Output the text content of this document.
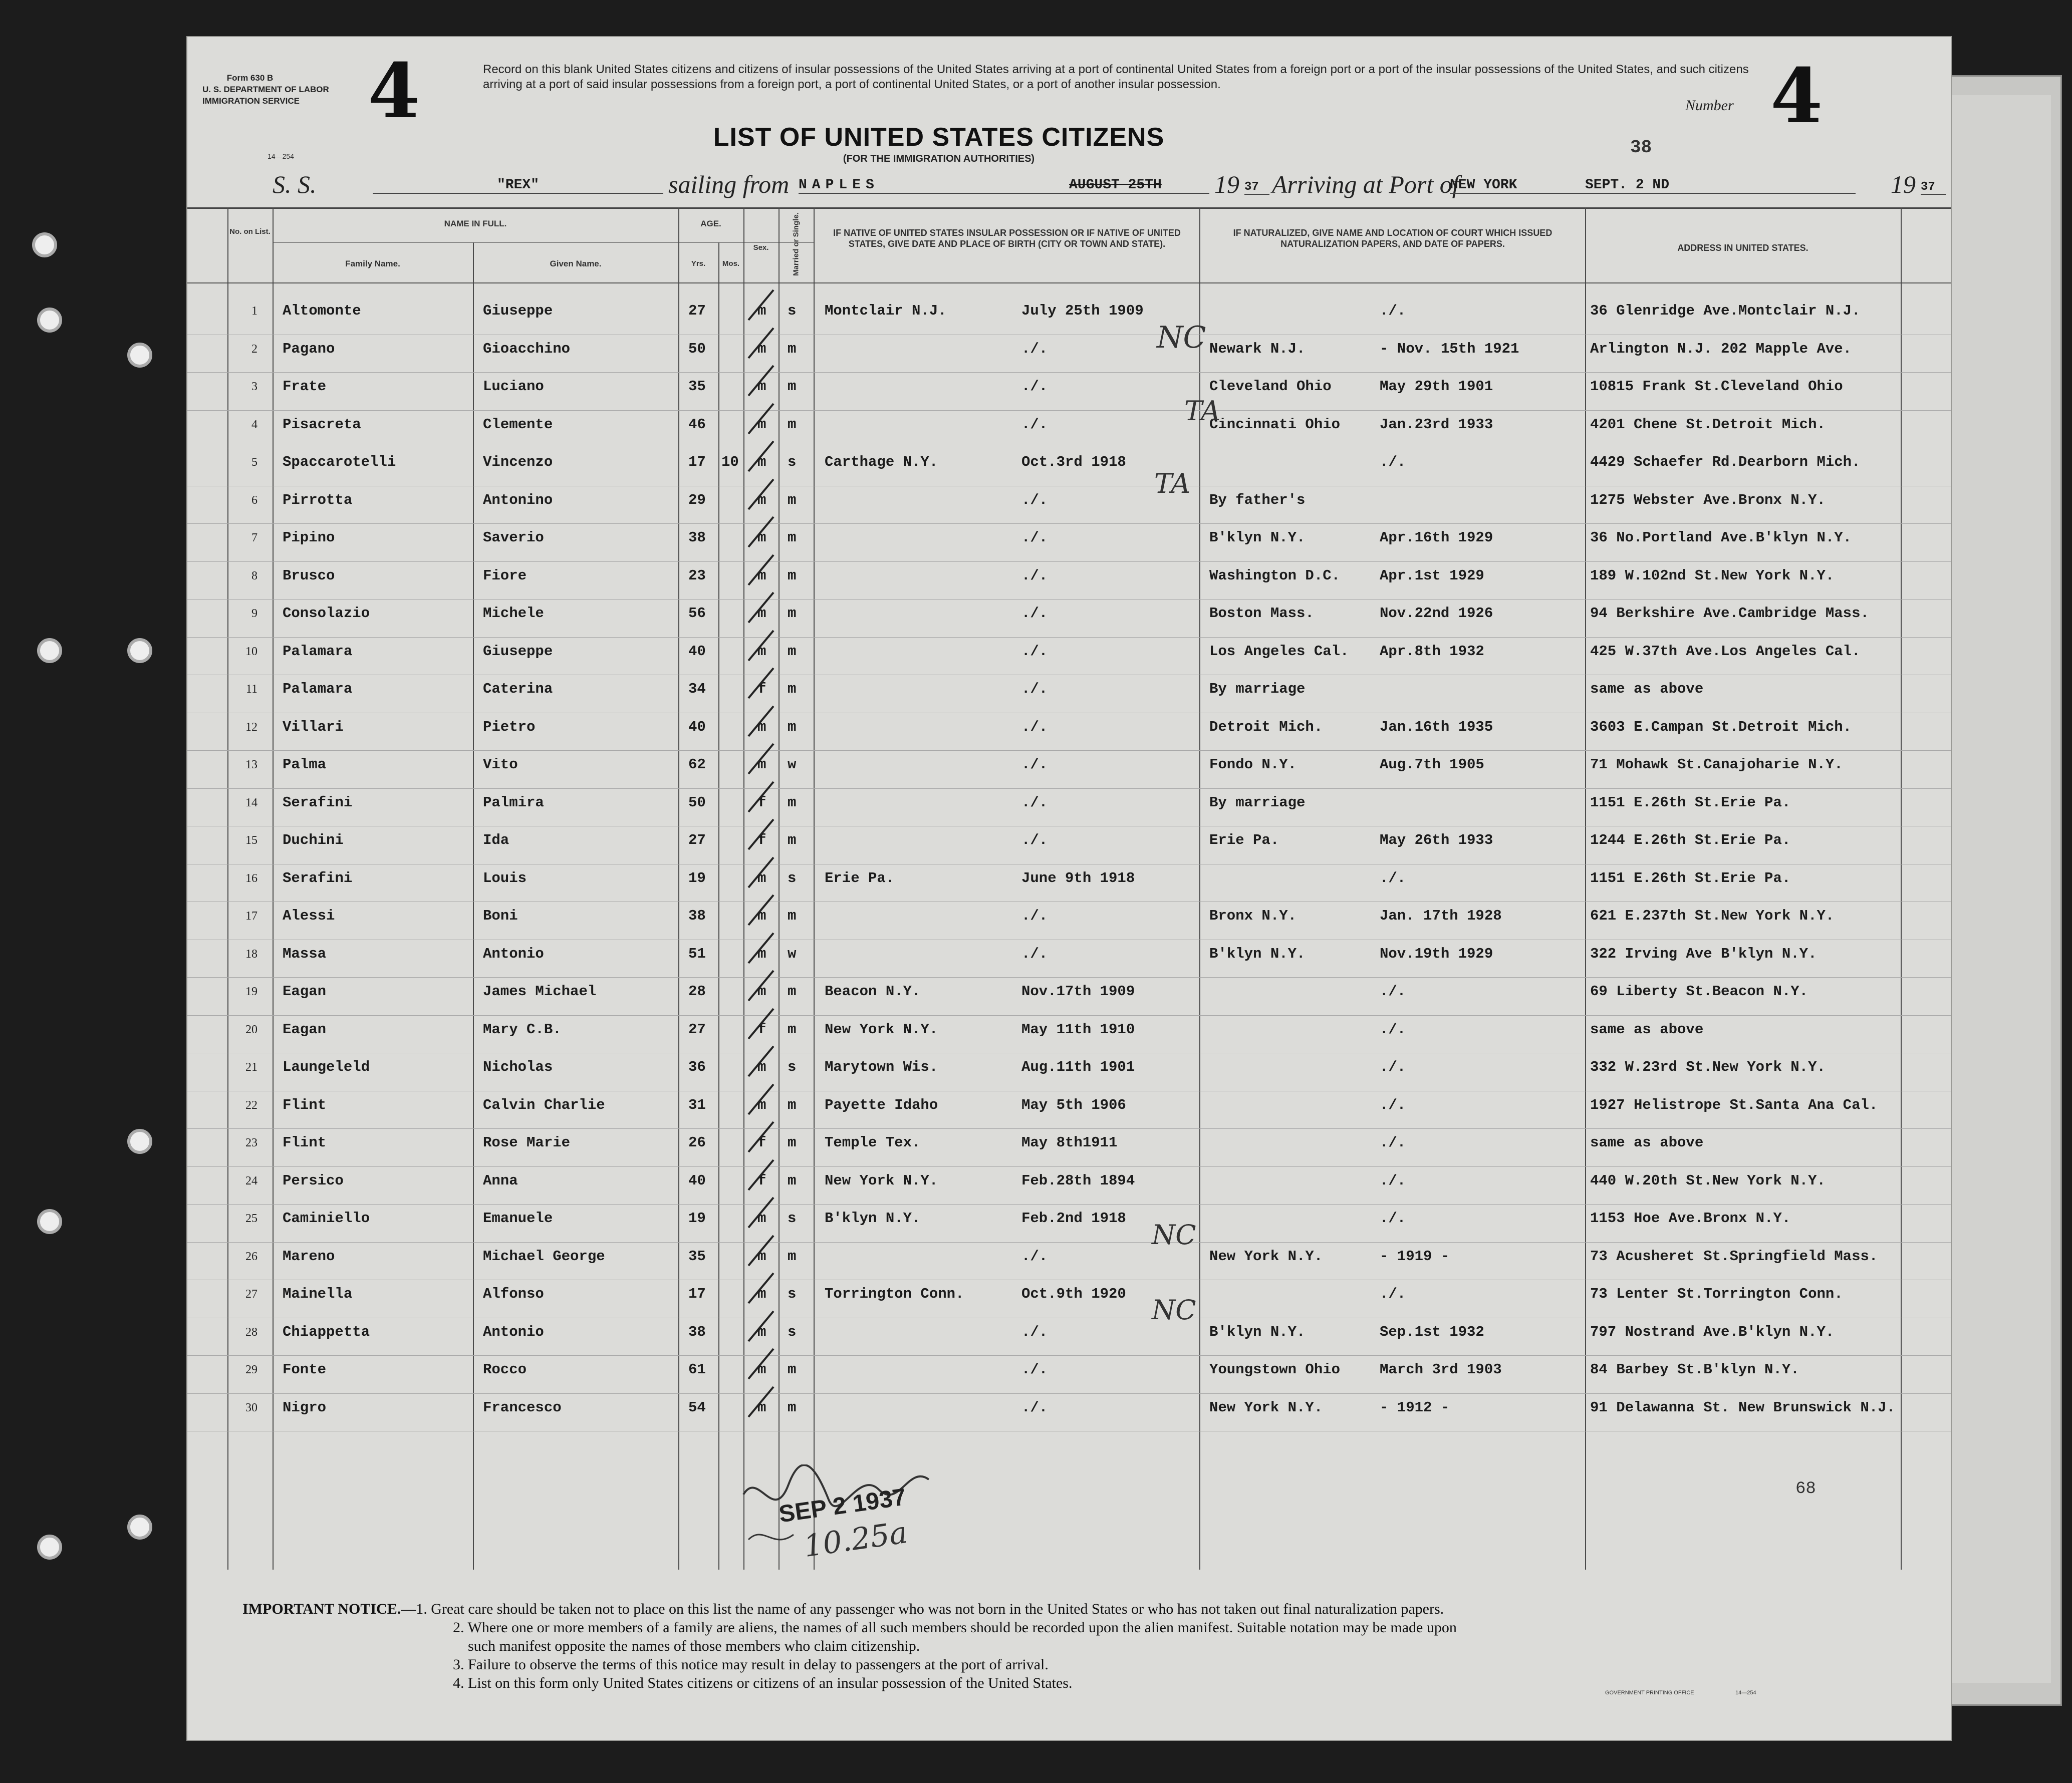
Form 630 B
U. S. DEPARTMENT OF LABOR
IMMIGRATION SERVICE 4
14—254
Record on this blank United States citizens and citizens of insular possessions of the United States arriving at a port of continental United States from a foreign port or a port of the insular possessions of the United States, and such citizens arriving at a port of said insular possessions from a foreign port, a port of continental United States, or a port of another insular possession.
Number 4
38
LIST OF UNITED STATES CITIZENS
(FOR THE IMMIGRATION AUTHORITIES)
S. S.	"REX"	sailing from NAPLES	AUGUST 25TH	19 37 Arriving at Port of
NEW YORK	SEPT. 2 ND	19 37
No. on List.
NAME IN FULL.
Family Name.	Given Name.
AGE.
Yrs.	Mos.
Sex.	Married or Single.	IF NATIVE OF UNITED STATES INSULAR POSSESSION OR IF NATIVE OF UNITED STATES, GIVE DATE AND PLACE OF BIRTH (CITY OR TOWN AND STATE).
IF NATURALIZED, GIVE NAME AND LOCATION OF COURT WHICH ISSUED NATURALIZATION PAPERS, AND DATE OF PAPERS.	ADDRESS IN UNITED STATES.
1 Altomonte	Giuseppe	27	m s Montclair N.J.	July 25th 1909	./.	36 Glenridge Ave.Montclair N.J.
2 Pagano	Gioacchino	50	m m	./.	Newark N.J.	- Nov. 15th 1921	Arlington N.J. 202 Mapple Ave.
3 Frate	Luciano	35	m m	./.	Cleveland Ohio	May 29th 1901	10815 Frank St.Cleveland Ohio
4 Pisacreta	Clemente	46	m m	./.	Cincinnati Ohio	Jan.23rd 1933	4201 Chene St.Detroit Mich.
5 Spaccarotelli	Vincenzo	17 10 m s Carthage N.Y.	Oct.3rd 1918	./.	4429 Schaefer Rd.Dearborn Mich.
6 Pirrotta	Antonino	29	m m	./.	By father's	1275 Webster Ave.Bronx N.Y.
7 Pipino	Saverio	38	m m	./.	B'klyn N.Y.	Apr.16th 1929	36 No.Portland Ave.B'klyn N.Y.
8 Brusco	Fiore	23	m m	./.	Washington D.C.	Apr.1st 1929	189 W.102nd St.New York N.Y.
9 Consolazio	Michele	56	m m	./.	Boston Mass.	Nov.22nd 1926	94 Berkshire Ave.Cambridge Mass.
10 Palamara	Giuseppe	40	m m	./.	Los Angeles Cal. Apr.8th 1932	425 W.37th Ave.Los Angeles Cal.
11 Palamara	Caterina	34	f m	./.	By marriage	same as above
12 Villari	Pietro	40	m m	./.	Detroit Mich.	Jan.16th 1935	3603 E.Campan St.Detroit Mich.
13 Palma	Vito	62	m w	./.	Fondo N.Y.	Aug.7th 1905	71 Mohawk St.Canajoharie N.Y.
14 Serafini	Palmira	50	f m	./.	By marriage	1151 E.26th St.Erie Pa.
15 Duchini	Ida	27	f m	./.	Erie Pa.	May 26th 1933	1244 E.26th St.Erie Pa.
16 Serafini	Louis	19	m s Erie Pa.	June 9th 1918	./.	1151 E.26th St.Erie Pa.
17 Alessi	Boni	38	m m	./.	Bronx N.Y.	Jan. 17th 1928	621 E.237th St.New York N.Y.
18 Massa	Antonio	51	m w	./.	B'klyn N.Y.	Nov.19th 1929	322 Irving Ave B'klyn N.Y.
19 Eagan	James Michael	28	m m Beacon N.Y.	Nov.17th 1909	./.	69 Liberty St.Beacon N.Y.
20 Eagan	Mary C.B.	27	f m New York N.Y.	May 11th 1910	./.	same as above
21 Laungeleld	Nicholas	36	m s Marytown Wis.	Aug.11th 1901	./.	332 W.23rd St.New York N.Y.
22 Flint	Calvin Charlie	31	m m Payette Idaho	May 5th 1906	./.	1927 Helistrope St.Santa Ana Cal.
23 Flint	Rose Marie	26	f m Temple Tex.	May 8th1911	./.	same as above
24 Persico	Anna	40	f m New York N.Y.	Feb.28th 1894	./.	440 W.20th St.New York N.Y.
25 Caminiello	Emanuele	19	m s B'klyn N.Y.	Feb.2nd 1918	./.	1153 Hoe Ave.Bronx N.Y.
26 Mareno	Michael George	35	m m	./.	New York N.Y.	- 1919 -	73 Acusheret St.Springfield Mass.
27 Mainella	Alfonso	17	m s Torrington Conn.	Oct.9th 1920	./.	73 Lenter St.Torrington Conn.
28 Chiappetta	Antonio	38	m s	./.	B'klyn N.Y.	Sep.1st 1932	797 Nostrand Ave.B'klyn N.Y.
29 Fonte	Rocco	61	m m	./.	Youngstown Ohio	March 3rd 1903	84 Barbey St.B'klyn N.Y.
30 Nigro	Francesco	54	m m	./.	New York N.Y.	- 1912 -	91 Delawanna St. New Brunswick N.J.
NC
TA
TA
NC
NC
68
SEP 2 1937
10.25a
IMPORTANT NOTICE.—1. Great care should be taken not to place on this list the name of any passenger who was not born in the United States or who has not taken out final naturalization papers.
2. Where one or more members of a family are aliens, the names of all such members should be recorded upon the alien manifest. Suitable notation may be made upon
such manifest opposite the names of those members who claim citizenship.
3. Failure to observe the terms of this notice may result in delay to passengers at the port of arrival.
4. List on this form only United States citizens or citizens of an insular possession of the United States.
GOVERNMENT PRINTING OFFICE	14—254
